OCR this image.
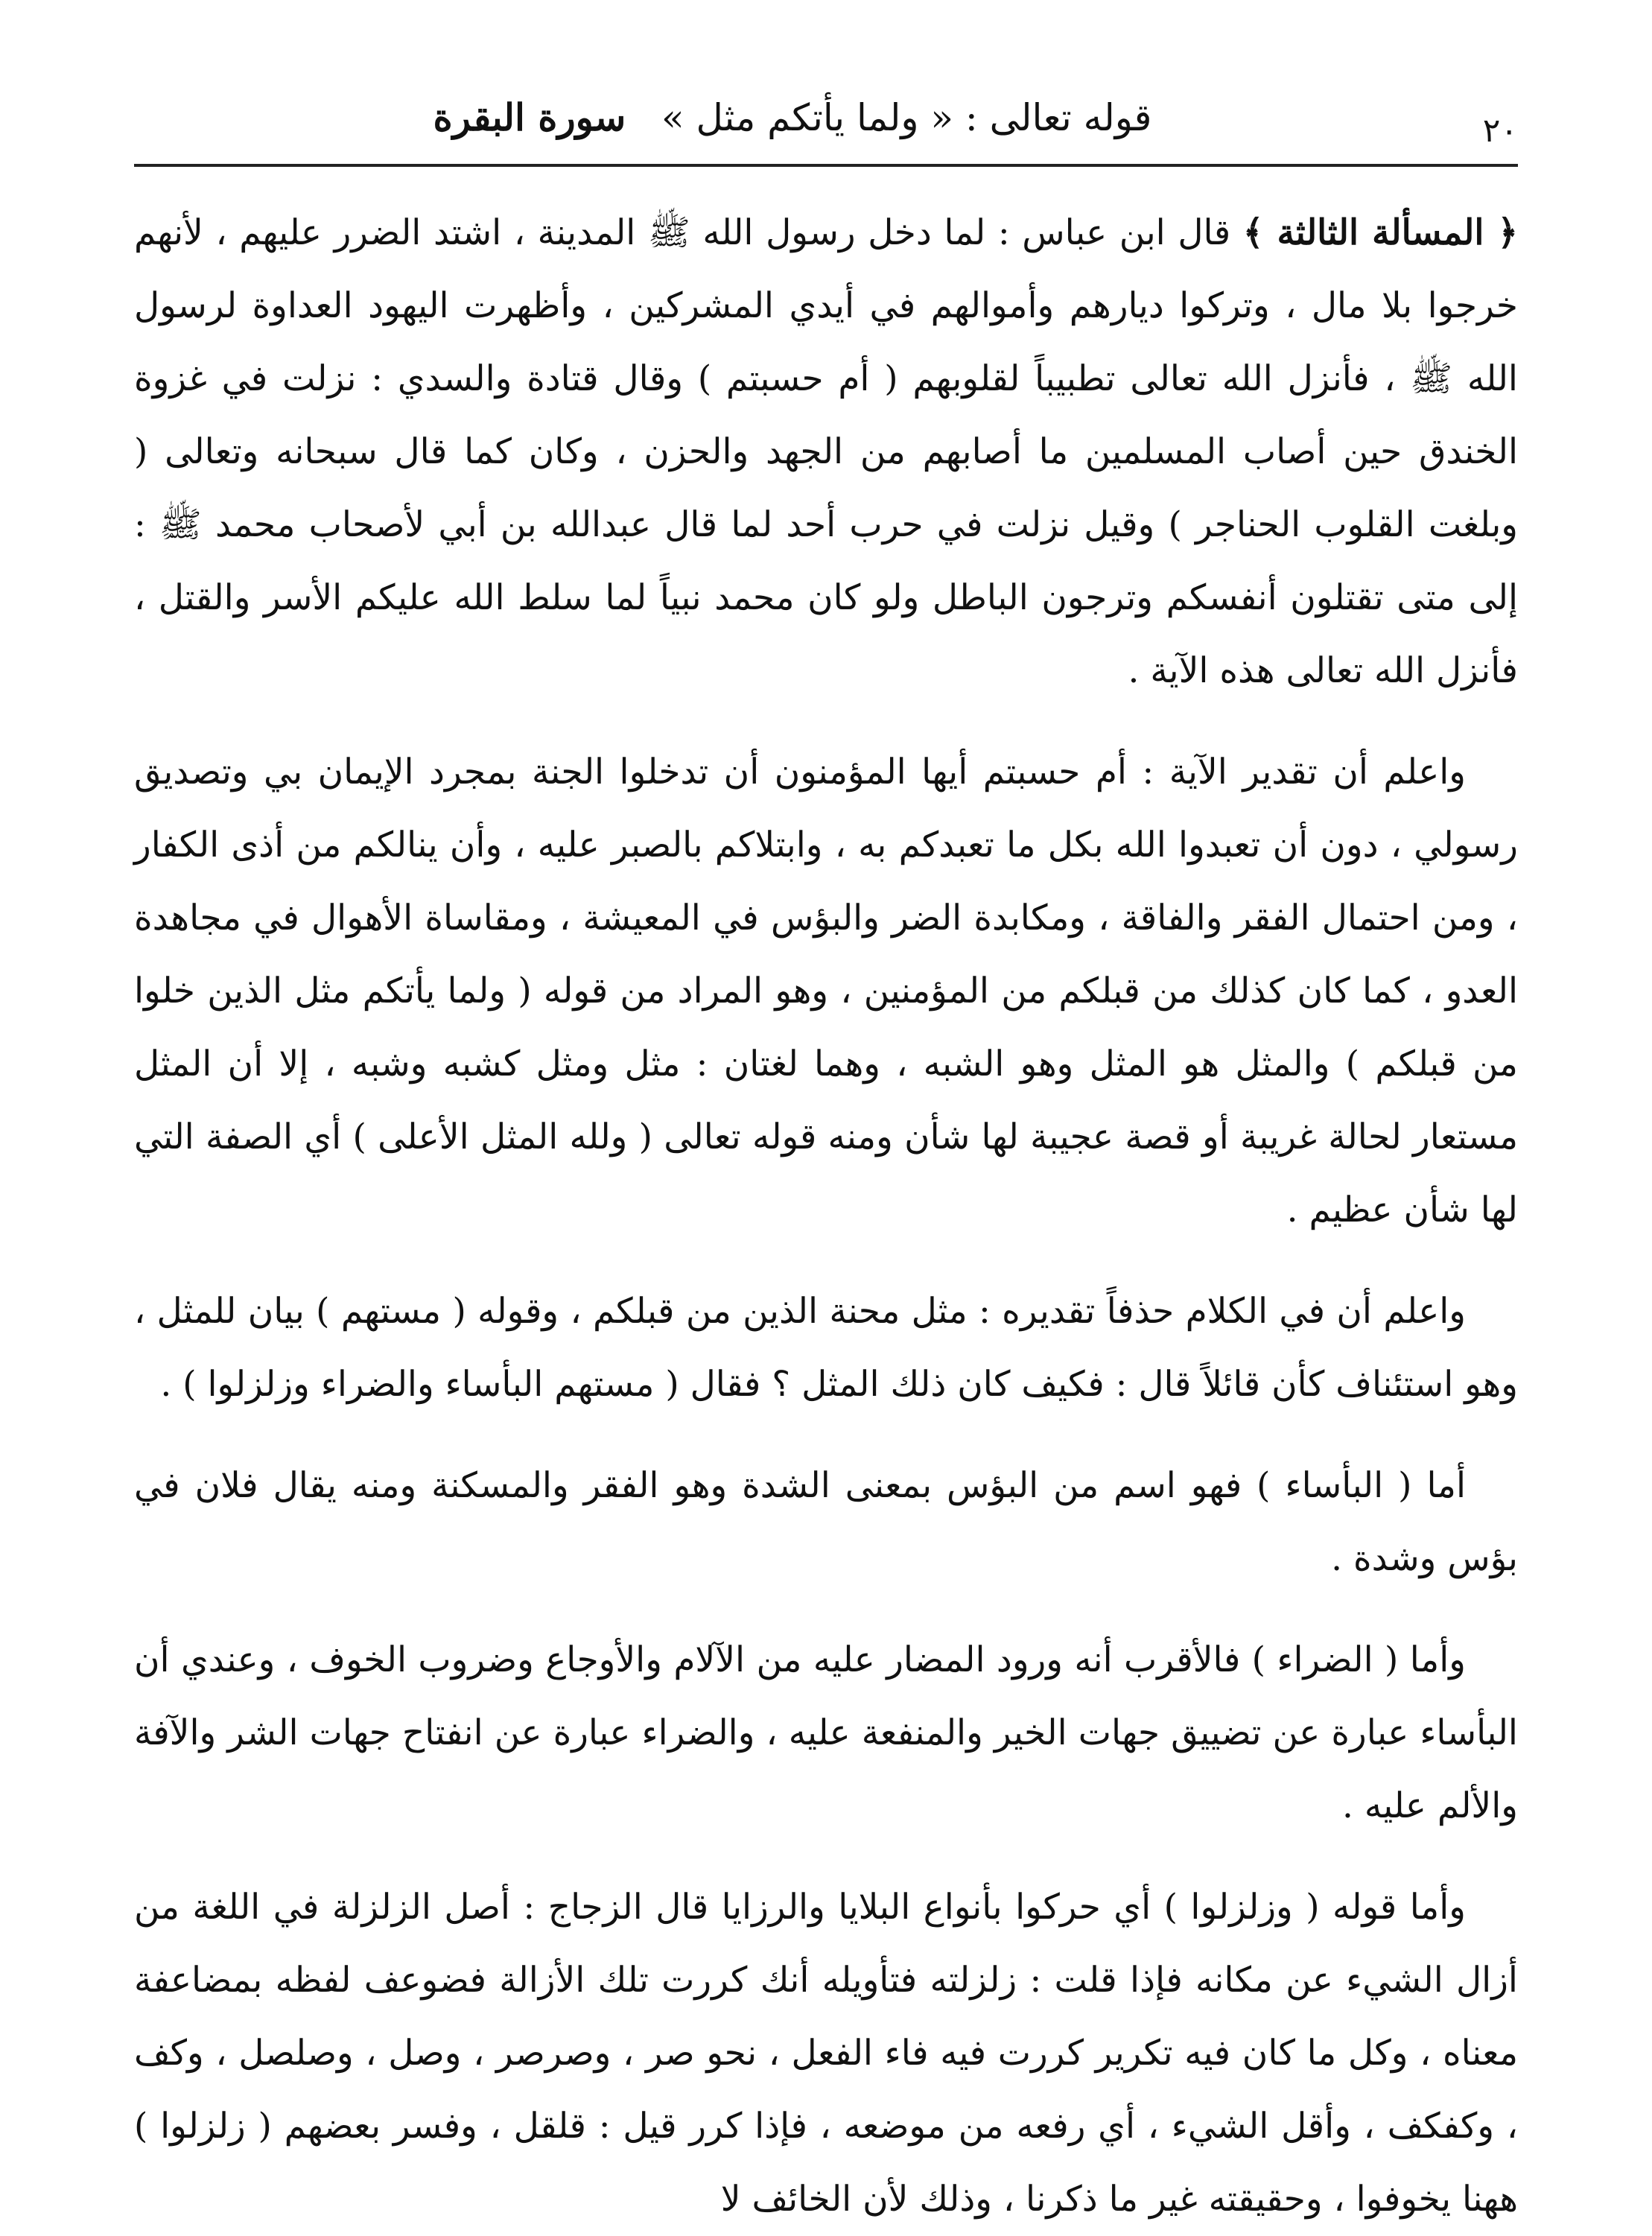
٢٠
قوله تعالى : « ولما يأتكم مثل »   سورة البقرة

﴿ المسألة الثالثة ﴾ قال ابن عباس : لما دخل رسول الله ﷺ المدينة ، اشتد الضرر عليهم ، لأنهم خرجوا بلا مال ، وتركوا ديارهم وأموالهم في أيدي المشركين ، وأظهرت اليهود العداوة لرسول الله ﷺ ، فأنزل الله تعالى تطبيباً لقلوبهم ( أم حسبتم ) وقال قتادة والسدي : نزلت في غزوة الخندق حين أصاب المسلمين ما أصابهم من الجهد والحزن ، وكان كما قال سبحانه وتعالى ( وبلغت القلوب الحناجر ) وقيل نزلت في حرب أحد لما قال عبدالله بن أبي لأصحاب محمد ﷺ : إلى متى تقتلون أنفسكم وترجون الباطل ولو كان محمد نبياً لما سلط الله عليكم الأسر والقتل ، فأنزل الله تعالى هذه الآية .

واعلم أن تقدير الآية : أم حسبتم أيها المؤمنون أن تدخلوا الجنة بمجرد الإيمان بي وتصديق رسولي ، دون أن تعبدوا الله بكل ما تعبدكم به ، وابتلاكم بالصبر عليه ، وأن ينالكم من أذى الكفار ، ومن احتمال الفقر والفاقة ، ومكابدة الضر والبؤس في المعيشة ، ومقاساة الأهوال في مجاهدة العدو ، كما كان كذلك من قبلكم من المؤمنين ، وهو المراد من قوله ( ولما يأتكم مثل الذين خلوا من قبلكم ) والمثل هو المثل وهو الشبه ، وهما لغتان : مثل ومثل كشبه وشبه ، إلا أن المثل مستعار لحالة غريبة أو قصة عجيبة لها شأن ومنه قوله تعالى ( ولله المثل الأعلى ) أي الصفة التي لها شأن عظيم .

واعلم أن في الكلام حذفاً تقديره : مثل محنة الذين من قبلكم ، وقوله ( مستهم ) بيان للمثل ، وهو استئناف كأن قائلاً قال : فكيف كان ذلك المثل ؟ فقال ( مستهم البأساء والضراء وزلزلوا ) .

أما ( البأساء ) فهو اسم من البؤس بمعنى الشدة وهو الفقر والمسكنة ومنه يقال فلان في بؤس وشدة .

وأما ( الضراء ) فالأقرب أنه ورود المضار عليه من الآلام والأوجاع وضروب الخوف ، وعندي أن البأساء عبارة عن تضييق جهات الخير والمنفعة عليه ، والضراء عبارة عن انفتاح جهات الشر والآفة والألم عليه .

وأما قوله ( وزلزلوا ) أي حركوا بأنواع البلايا والرزايا قال الزجاج : أصل الزلزلة في اللغة من أزال الشيء عن مكانه فإذا قلت : زلزلته فتأويله أنك كررت تلك الأزالة فضوعف لفظه بمضاعفة معناه ، وكل ما كان فيه تكرير كررت فيه فاء الفعل ، نحو صر ، وصرصر ، وصل ، وصلصل ، وكف ، وكفكف ، وأقل الشيء ، أي رفعه من موضعه ، فإذا كرر قيل : قلقل ، وفسر بعضهم ( زلزلوا ) ههنا يخوفوا ، وحقيقته غير ما ذكرنا ، وذلك لأن الخائف لا
